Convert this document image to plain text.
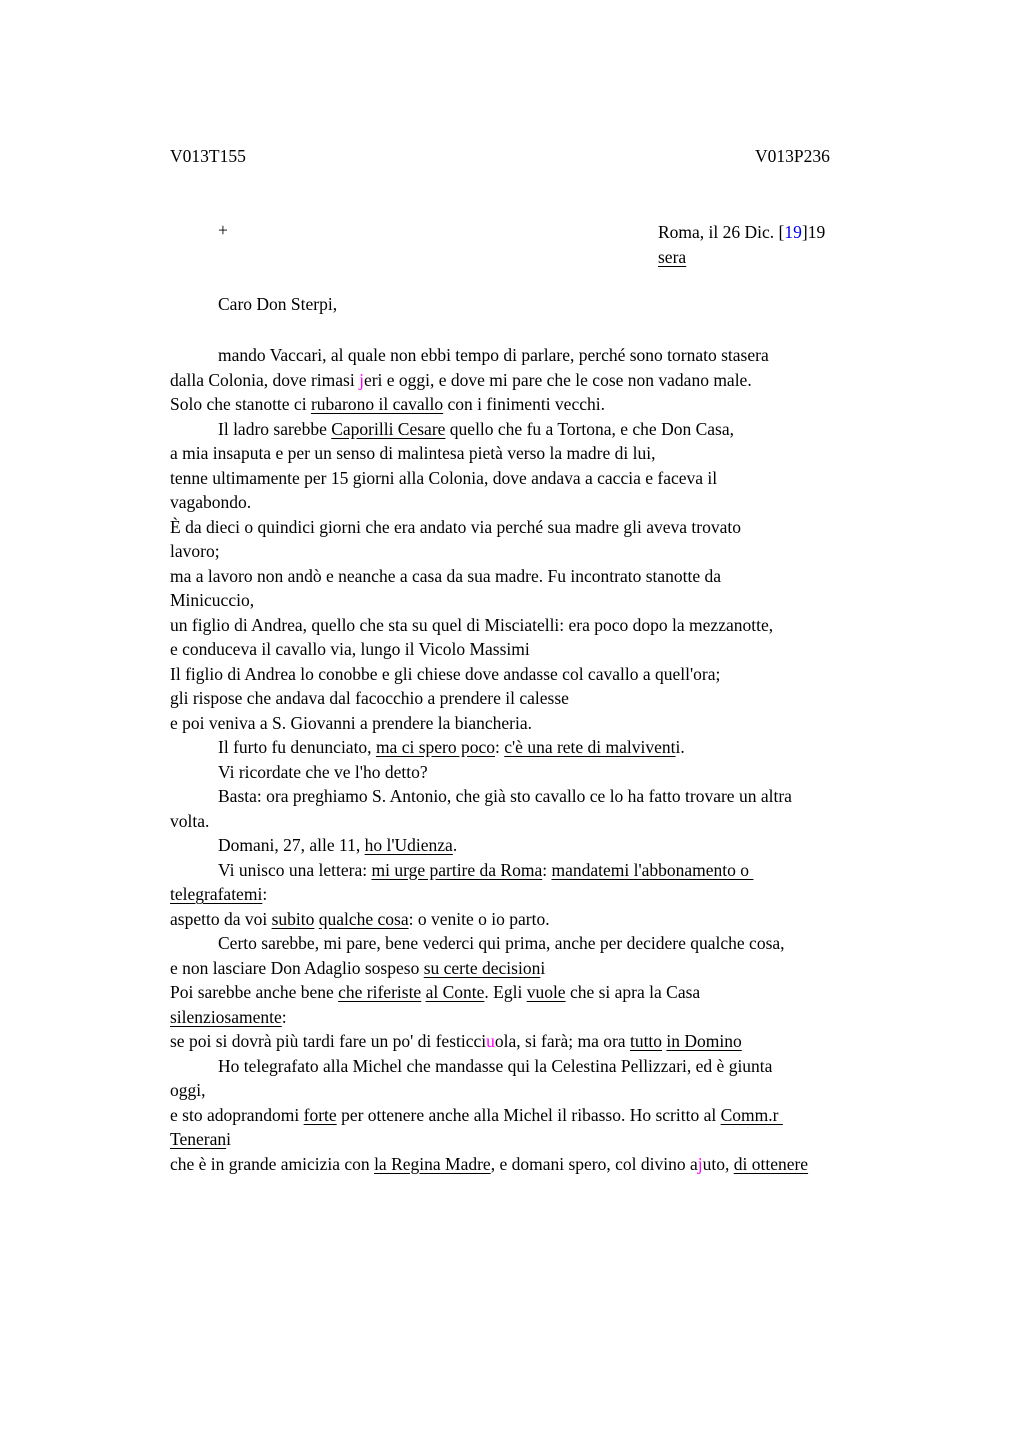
V013T155	V013P236
+	Roma, il 26 Dic. [19]19
sera
Caro Don Sterpi,
mando Vaccari, al quale non ebbi tempo di parlare, perché sono tornato stasera
dalla Colonia, dove rimasi jeri e oggi, e dove mi pare che le cose non vadano male.
Solo che stanotte ci rubarono il cavallo con i finimenti vecchi.
Il ladro sarebbe Caporilli Cesare quello che fu a Tortona, e che Don Casa,
a mia insaputa e per un senso di malintesa pietà verso la madre di lui,
tenne ultimamente per 15 giorni alla Colonia, dove andava a caccia e faceva il
vagabondo.
È da dieci o quindici giorni che era andato via perché sua madre gli aveva trovato
lavoro;
ma a lavoro non andò e neanche a casa da sua madre. Fu incontrato stanotte da
Minicuccio,
un figlio di Andrea, quello che sta su quel di Misciatelli: era poco dopo la mezzanotte,
e conduceva il cavallo via, lungo il Vicolo Massimi
Il figlio di Andrea lo conobbe e gli chiese dove andasse col cavallo a quell'ora;
gli rispose che andava dal facocchio a prendere il calesse
e poi veniva a S. Giovanni a prendere la biancheria.
Il furto fu denunciato, ma ci spero poco: c'è una rete di malviventi.
Vi ricordate che ve l'ho detto?
Basta: ora preghiamo S. Antonio, che già sto cavallo ce lo ha fatto trovare un altra
volta.
Domani, 27, alle 11, ho l'Udienza.
Vi unisco una lettera: mi urge partire da Roma: mandatemi l'abbonamento o
telegrafatemi:
aspetto da voi subito qualche cosa: o venite o io parto.
Certo sarebbe, mi pare, bene vederci qui prima, anche per decidere qualche cosa,
e non lasciare Don Adaglio sospeso su certe decisioni
Poi sarebbe anche bene che riferiste al Conte. Egli vuole che si apra la Casa
silenziosamente:
se poi si dovrà più tardi fare un po' di festicciuola, si farà; ma ora tutto in Domino
Ho telegrafato alla Michel che mandasse qui la Celestina Pellizzari, ed è giunta
oggi,
e sto adoprandomi forte per ottenere anche alla Michel il ribasso. Ho scritto al Comm.r
Tenerani
che è in grande amicizia con la Regina Madre, e domani spero, col divino ajuto, di ottenere
